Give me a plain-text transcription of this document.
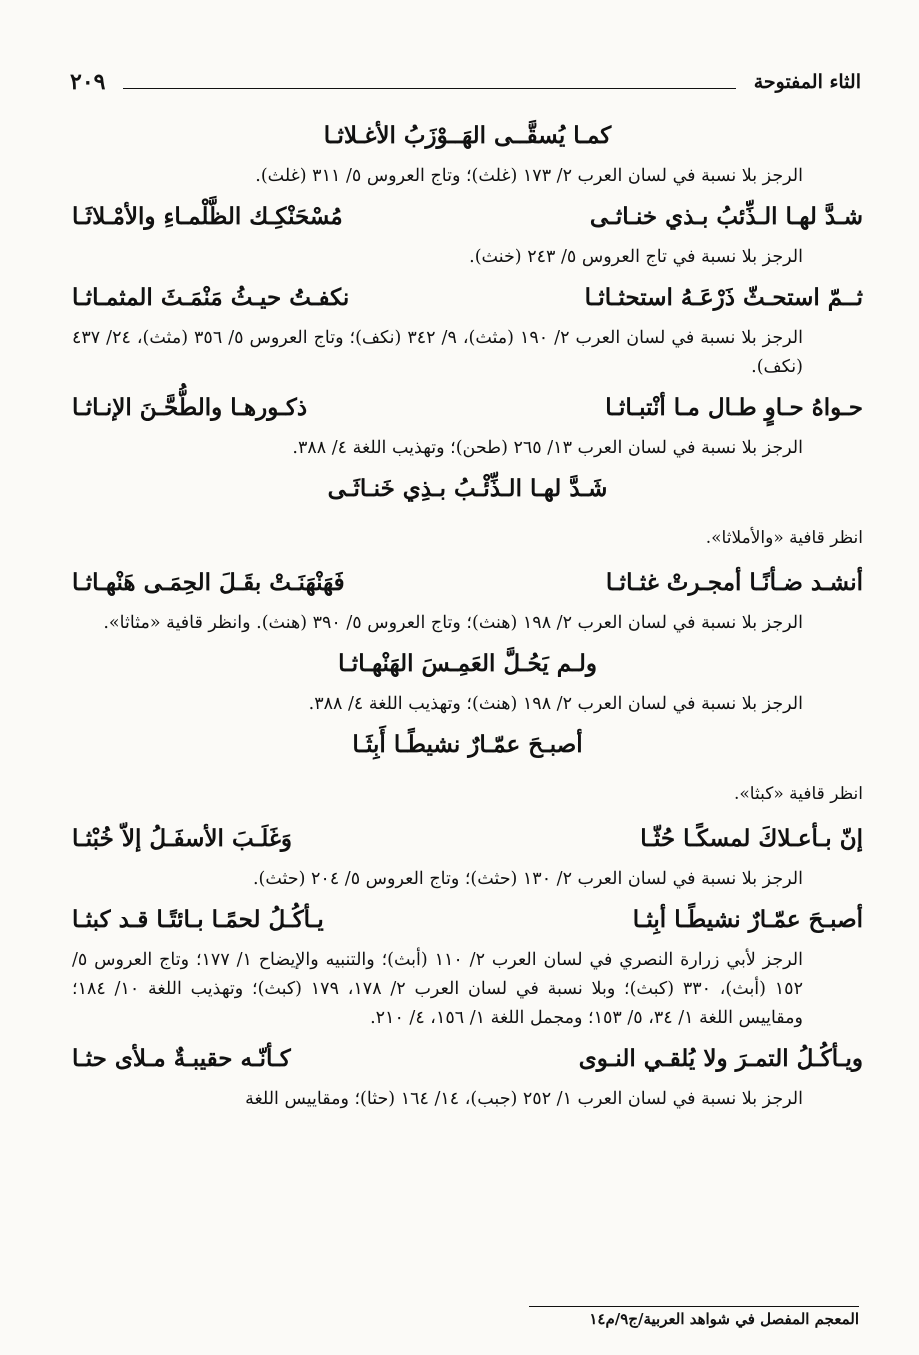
الثاء المفتوحة
٢٠٩
كمـا يُسقَّــى الهَــوْزَبُ الأغـلاثـا

الرجز بلا نسبة في لسان العرب ٢/ ١٧٣ (غلث)؛ وتاج العروس ٥/ ٣١١ (غلث).

شـدَّ لهـا الـذِّئبُ بـذي خنـاثـى
مُسْحَنْكِـك الظَّلْمـاءِ والأمْـلاثَـا

الرجز بلا نسبة في تاج العروس ٥/ ٢٤٣ (خنث).

ثــمّ استحـثّ ذَرْعَـهُ استحثـاثـا
نكفـتُ حيـثُ مَنْمَـثَ المثمـاثـا

الرجز بلا نسبة في لسان العرب ٢/ ١٩٠ (مثث)، ٩/ ٣٤٢ (نكف)؛ وتاج العروس ٥/ ٣٥٦ (مثث)، ٢٤/ ٤٣٧ (نكف).

حـواهُ حـاوٍ طـال مـا أنْتبـاثـا
ذكـورهـا والطُّحَّـنَ الإنـاثـا

الرجز بلا نسبة في لسان العرب ١٣/ ٢٦٥ (طحن)؛ وتهذيب اللغة ٤/ ٣٨٨.

شَـدَّ لهـا الـذِّئْـبُ بـذِي خَنـاثَـى

انظر قافية «والأملاثا».

أنشـد ضـأنًـا أمجـرتْ غثـاثـا
فَهَنْهَنَـتْ بقَـلَ الحِمَـى هَنْهـاثـا

الرجز بلا نسبة في لسان العرب ٢/ ١٩٨ (هنث)؛ وتاج العروس ٥/ ٣٩٠ (هنث). وانظر قافية «مثاثا».

ولـم يَحُـلَّ العَمِـسَ الهَنْهـاثـا

الرجز بلا نسبة في لسان العرب ٢/ ١٩٨ (هنث)؛ وتهذيب اللغة ٤/ ٣٨٨.

أصبـحَ عمّـارٌ نشيطًـا أَبِثَـا

انظر قافية «كبثا».

إنّ بـأعـلاكَ لمسكًـا حُثّـا
وَغَلَـبَ الأسفَـلُ إلاّ خُبْثـا

الرجز بلا نسبة في لسان العرب ٢/ ١٣٠ (حثث)؛ وتاج العروس ٥/ ٢٠٤ (حثث).

أصبـحَ عمّـارٌ نشيطًـا أبِثـا
يـأكُـلُ لحمًـا بـائتًـا قـد كبثـا

الرجز لأبي زرارة النصري في لسان العرب ٢/ ١١٠ (أبث)؛ والتنبيه والإيضاح ١/ ١٧٧؛ وتاج العروس ٥/ ١٥٢ (أبث)، ٣٣٠ (كبث)؛ وبلا نسبة في لسان العرب ٢/ ١٧٨، ١٧٩ (كبث)؛ وتهذيب اللغة ١٠/ ١٨٤؛ ومقاييس اللغة ١/ ٣٤، ٥/ ١٥٣؛ ومجمل اللغة ١/ ١٥٦، ٤/ ٢١٠.

ويـأكُـلُ التمـرَ ولا يُلقـي النـوى
كـأنّـه حقيبـةٌ مـلأى حثـا

الرجز بلا نسبة في لسان العرب ١/ ٢٥٢ (جبب)، ١٤/ ١٦٤ (حثا)؛ ومقاييس اللغة

المعجم المفصل في شواهد العربية/ج٩/م١٤
